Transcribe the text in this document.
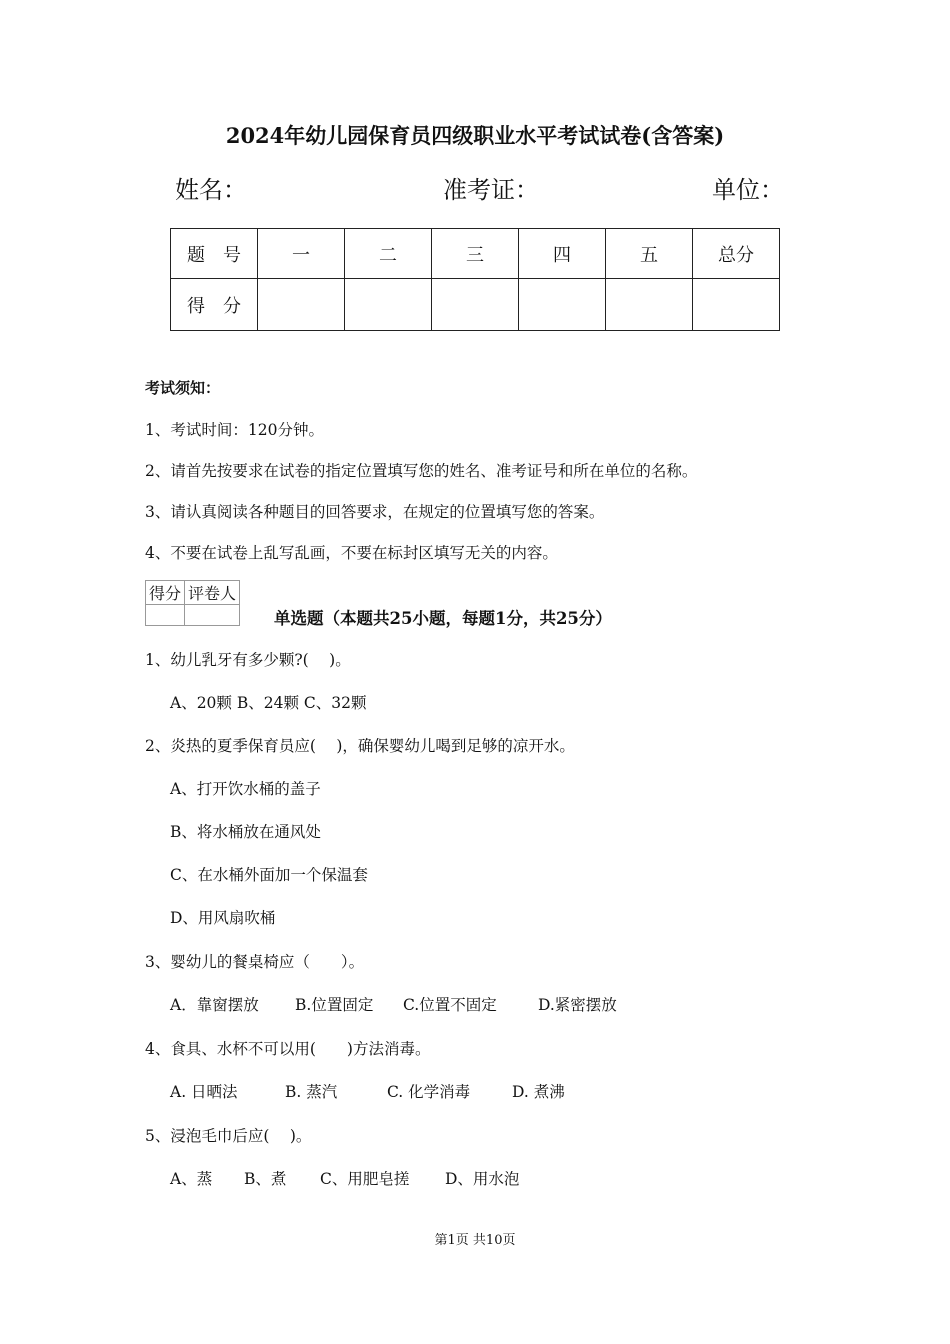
2024年幼儿园保育员四级职业水平考试试卷(含答案)
姓名：	准考证：	单位：
题　号	一	二	三	四	五	总分
得　分						
考试须知：
1、考试时间：120分钟。
2、请首先按要求在试卷的指定位置填写您的姓名、准考证号和所在单位的名称。
3、请认真阅读各种题目的回答要求，在规定的位置填写您的答案。
4、不要在试卷上乱写乱画，不要在标封区填写无关的内容。
得分	评卷人

单选题（本题共25小题，每题1分，共25分）
1、幼儿乳牙有多少颗?(　 )。
A、20颗 B、24颗 C、32颗
2、炎热的夏季保育员应(　 )，确保婴幼儿喝到足够的凉开水。
A、打开饮水桶的盖子
B、将水桶放在通风处
C、在水桶外面加一个保温套
D、用风扇吹桶
3、婴幼儿的餐桌椅应（　　）。
A．靠窗摆放 B.位置固定 C.位置不固定	D.紧密摆放
4、食具、水杯不可以用(　　)方法消毒。
A. 日晒法	B. 蒸汽	C. 化学消毒	D. 煮沸
5、浸泡毛巾后应(　 )。
A、蒸 B、煮 C、用肥皂搓 D、用水泡
第1页 共10页
